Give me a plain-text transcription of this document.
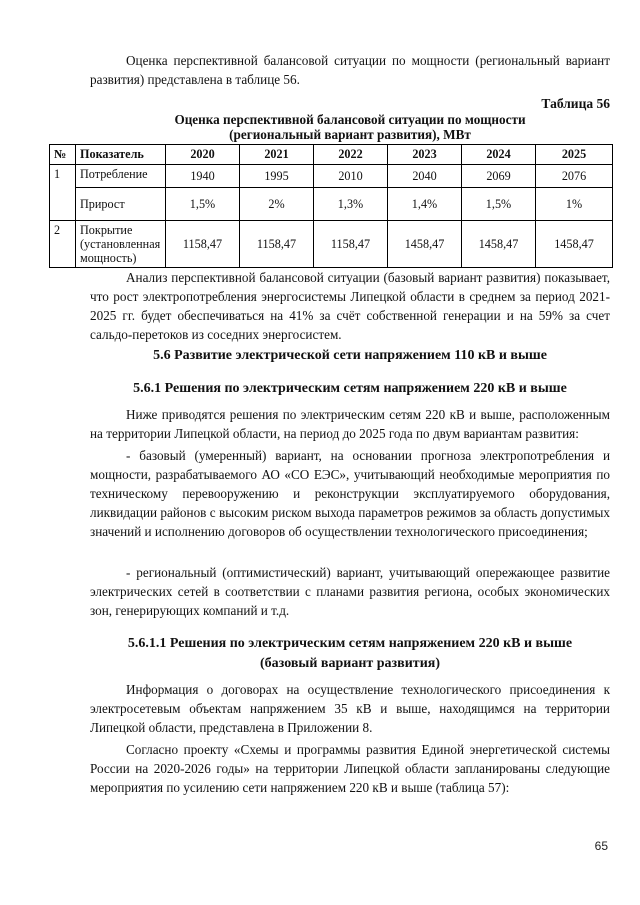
Оценка перспективной балансовой ситуации по мощности (региональный вариант развития) представлена в таблице 56.

Таблица 56

Оценка перспективной балансовой ситуации по мощности

(региональный вариант развития), МВт

№	Показатель	2020	2021	2022	2023	2024	2025
1	Потребление	1940	1995	2010	2040	2069	2076
	Прирост	1,5%	2%	1,3%	1,4%	1,5%	1%
2	Покрытие (установленная мощность)	1158,47	1158,47	1158,47	1458,47	1458,47	1458,47

Анализ перспективной балансовой ситуации (базовый вариант развития) показывает, что рост электропотребления энергосистемы Липецкой области в среднем за период 2021-2025 гг. будет обеспечиваться на 41% за счёт собственной генерации и на 59% за счет сальдо-перетоков из соседних энергосистем.

5.6 Развитие электрической сети напряжением 110 кВ и выше
5.6.1 Решения по электрическим сетям напряжением 220 кВ и выше

Ниже приводятся решения по электрическим сетям 220 кВ и выше, расположенным на территории Липецкой области, на период до 2025 года по двум вариантам развития:

- базовый (умеренный) вариант, на основании прогноза электропотребления и мощности, разрабатываемого АО «СО ЕЭС», учитывающий необходимые мероприятия по техническому перевооружению и реконструкции эксплуатируемого оборудования, ликвидации районов с высоким риском выхода параметров режимов за область допустимых значений и исполнению договоров об осуществлении технологического присоединения;

- региональный (оптимистический) вариант, учитывающий опережающее развитие электрических сетей в соответствии с планами развития региона, особых экономических зон, генерирующих компаний и т.д.

5.6.1.1 Решения по электрическим сетям напряжением 220 кВ и выше
(базовый вариант развития)

Информация о договорах на осуществление технологического присоединения к электросетевым объектам напряжением 35 кВ и выше, находящимся на территории Липецкой области, представлена в Приложении 8.

Согласно проекту «Схемы и программы развития Единой энергетической системы России на 2020-2026 годы» на территории Липецкой области запланированы следующие мероприятия по усилению сети напряжением 220 кВ и выше (таблица 57):

65
